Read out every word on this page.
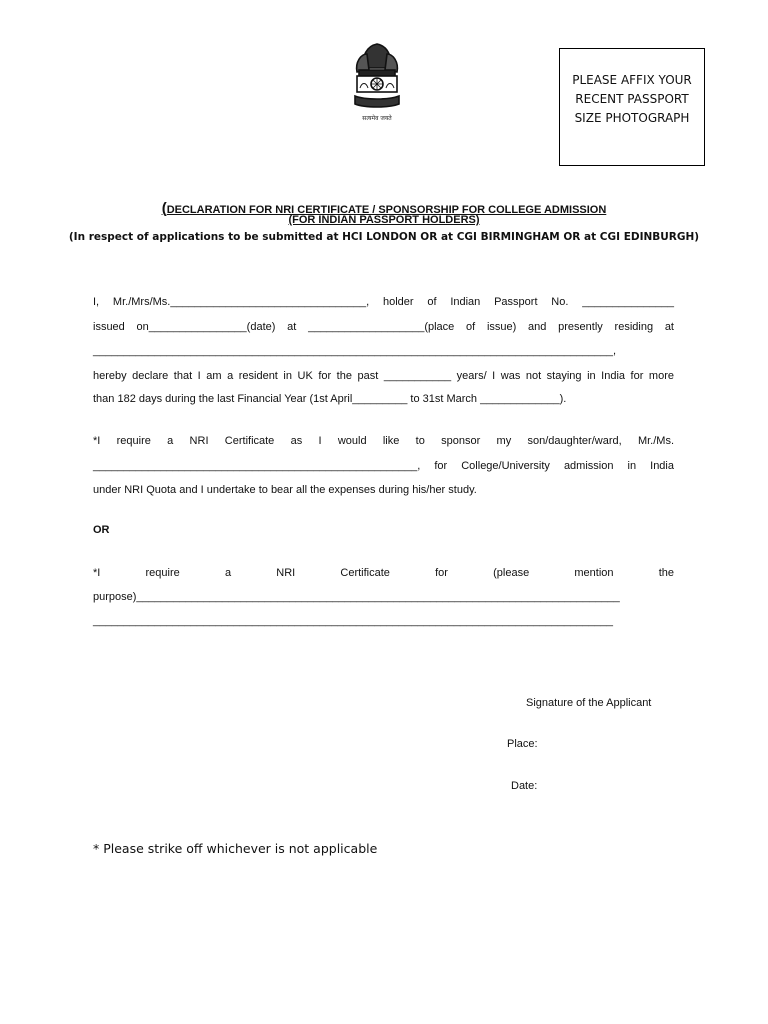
सत्यमेव जयते
PLEASE AFFIX YOUR
RECENT PASSPORT
SIZE PHOTOGRAPH
(DECLARATION FOR NRI CERTIFICATE / SPONSORSHIP FOR COLLEGE ADMISSION
(FOR INDIAN PASSPORT HOLDERS)
(In respect of applications to be submitted at HCI LONDON OR at CGI BIRMINGHAM OR at CGI EDINBURGH)
I, Mr./Mrs/Ms.________________________________, holder of Indian Passport No. _______________
issued on________________(date) at ___________________(place of issue) and presently residing at
_____________________________________________________________________________________,
hereby declare that I am a resident in UK for the past ___________ years/ I was not staying in India for more
than 182 days during the last Financial Year (1st April_________ to 31st March _____________).
*I require a NRI Certificate as I would like to sponsor my son/daughter/ward, Mr./Ms.
_____________________________________________________, for College/University admission in India
under NRI Quota and I undertake to bear all the expenses during his/her study.
OR
*I require a NRI Certificate for (please mention the
purpose)_______________________________________________________________________________
_____________________________________________________________________________________
Signature of the Applicant
Place:
Date:
* Please strike off whichever is not applicable
